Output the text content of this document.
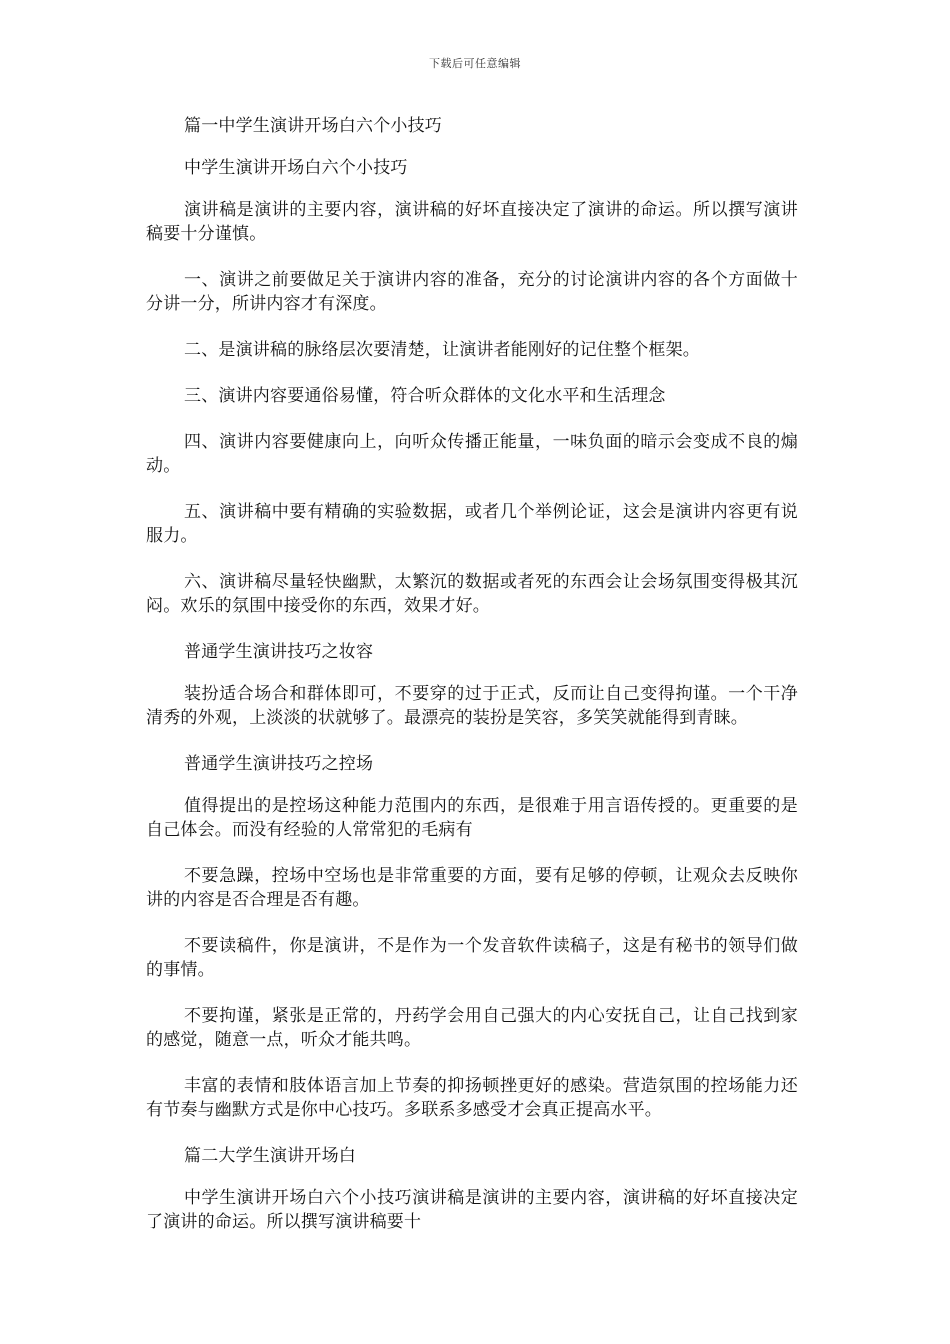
下载后可任意编辑

篇一中学生演讲开场白六个小技巧

中学生演讲开场白六个小技巧

演讲稿是演讲的主要内容，演讲稿的好坏直接决定了演讲的命运。所以撰写演讲稿要十分谨慎。

一、演讲之前要做足关于演讲内容的准备，充分的讨论演讲内容的各个方面做十分讲一分，所讲内容才有深度。

二、是演讲稿的脉络层次要清楚，让演讲者能刚好的记住整个框架。

三、演讲内容要通俗易懂，符合听众群体的文化水平和生活理念

四、演讲内容要健康向上，向听众传播正能量，一味负面的暗示会变成不良的煽动。

五、演讲稿中要有精确的实验数据，或者几个举例论证，这会是演讲内容更有说服力。

六、演讲稿尽量轻快幽默，太繁沉的数据或者死的东西会让会场氛围变得极其沉闷。欢乐的氛围中接受你的东西，效果才好。

普通学生演讲技巧之妆容

装扮适合场合和群体即可，不要穿的过于正式，反而让自己变得拘谨。一个干净清秀的外观，上淡淡的状就够了。最漂亮的装扮是笑容，多笑笑就能得到青睐。

普通学生演讲技巧之控场

值得提出的是控场这种能力范围内的东西，是很难于用言语传授的。更重要的是自己体会。而没有经验的人常常犯的毛病有

不要急躁，控场中空场也是非常重要的方面，要有足够的停顿，让观众去反映你讲的内容是否合理是否有趣。

不要读稿件，你是演讲，不是作为一个发音软件读稿子，这是有秘书的领导们做的事情。

不要拘谨，紧张是正常的，丹药学会用自己强大的内心安抚自己，让自己找到家的感觉，随意一点，听众才能共鸣。

丰富的表情和肢体语言加上节奏的抑扬顿挫更好的感染。营造氛围的控场能力还有节奏与幽默方式是你中心技巧。多联系多感受才会真正提高水平。

篇二大学生演讲开场白

中学生演讲开场白六个小技巧演讲稿是演讲的主要内容，演讲稿的好坏直接决定了演讲的命运。所以撰写演讲稿要十
